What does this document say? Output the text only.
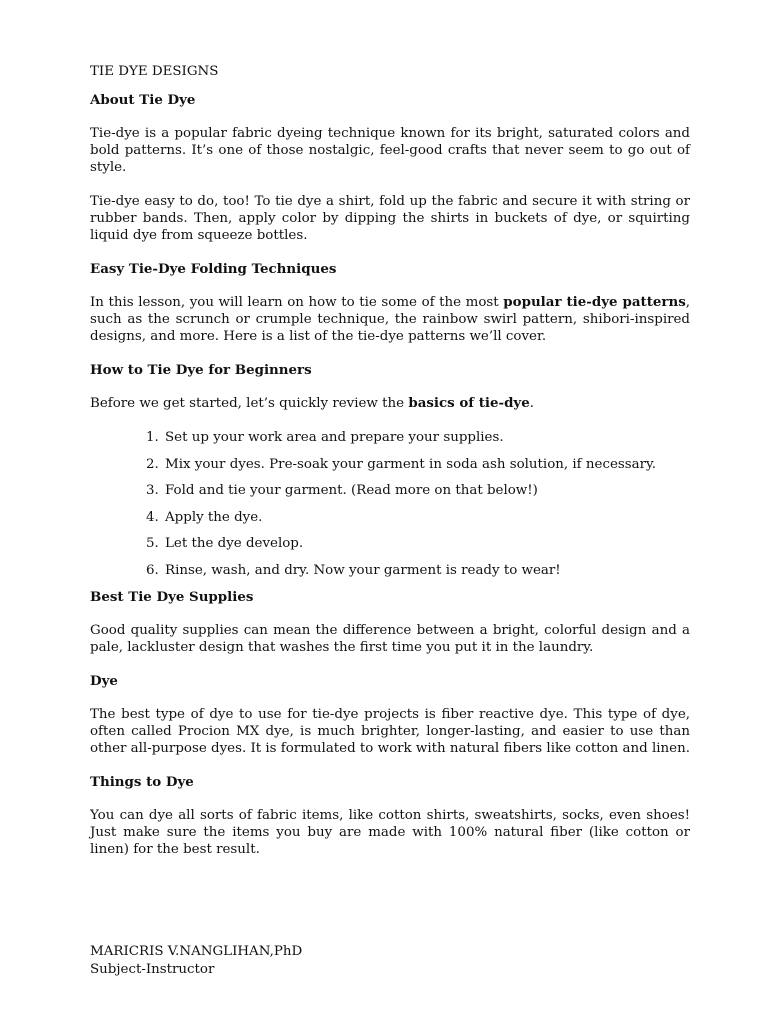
TIE DYE DESIGNS
About Tie Dye

Tie-dye is a popular fabric dyeing technique known for its bright, saturated colors and bold patterns. It’s one of those nostalgic, feel-good crafts that never seem to go out of style.

Tie-dye easy to do, too! To tie dye a shirt, fold up the fabric and secure it with string or rubber bands. Then, apply color by dipping the shirts in buckets of dye, or squirting liquid dye from squeeze bottles.

Easy Tie-Dye Folding Techniques

In this lesson, you will learn on how to tie some of the most popular tie-dye patterns, such as the scrunch or crumple technique, the rainbow swirl pattern, shibori-inspired designs, and more. Here is a list of the tie-dye patterns we’ll cover.

How to Tie Dye for Beginners

Before we get started, let’s quickly review the basics of tie-dye.

1. Set up your work area and prepare your supplies.
2. Mix your dyes. Pre-soak your garment in soda ash solution, if necessary.
3. Fold and tie your garment. (Read more on that below!)
4. Apply the dye.
5. Let the dye develop.
6. Rinse, wash, and dry. Now your garment is ready to wear!
Best Tie Dye Supplies

Good quality supplies can mean the difference between a bright, colorful design and a pale, lackluster design that washes the first time you put it in the laundry.

Dye

The best type of dye to use for tie-dye projects is fiber reactive dye. This type of dye, often called Procion MX dye, is much brighter, longer-lasting, and easier to use than other all-purpose dyes. It is formulated to work with natural fibers like cotton and linen.

Things to Dye

You can dye all sorts of fabric items, like cotton shirts, sweatshirts, socks, even shoes! Just make sure the items you buy are made with 100% natural fiber (like cotton or linen) for the best result.

MARICRIS V.NANGLIHAN,PhD
Subject-Instructor
